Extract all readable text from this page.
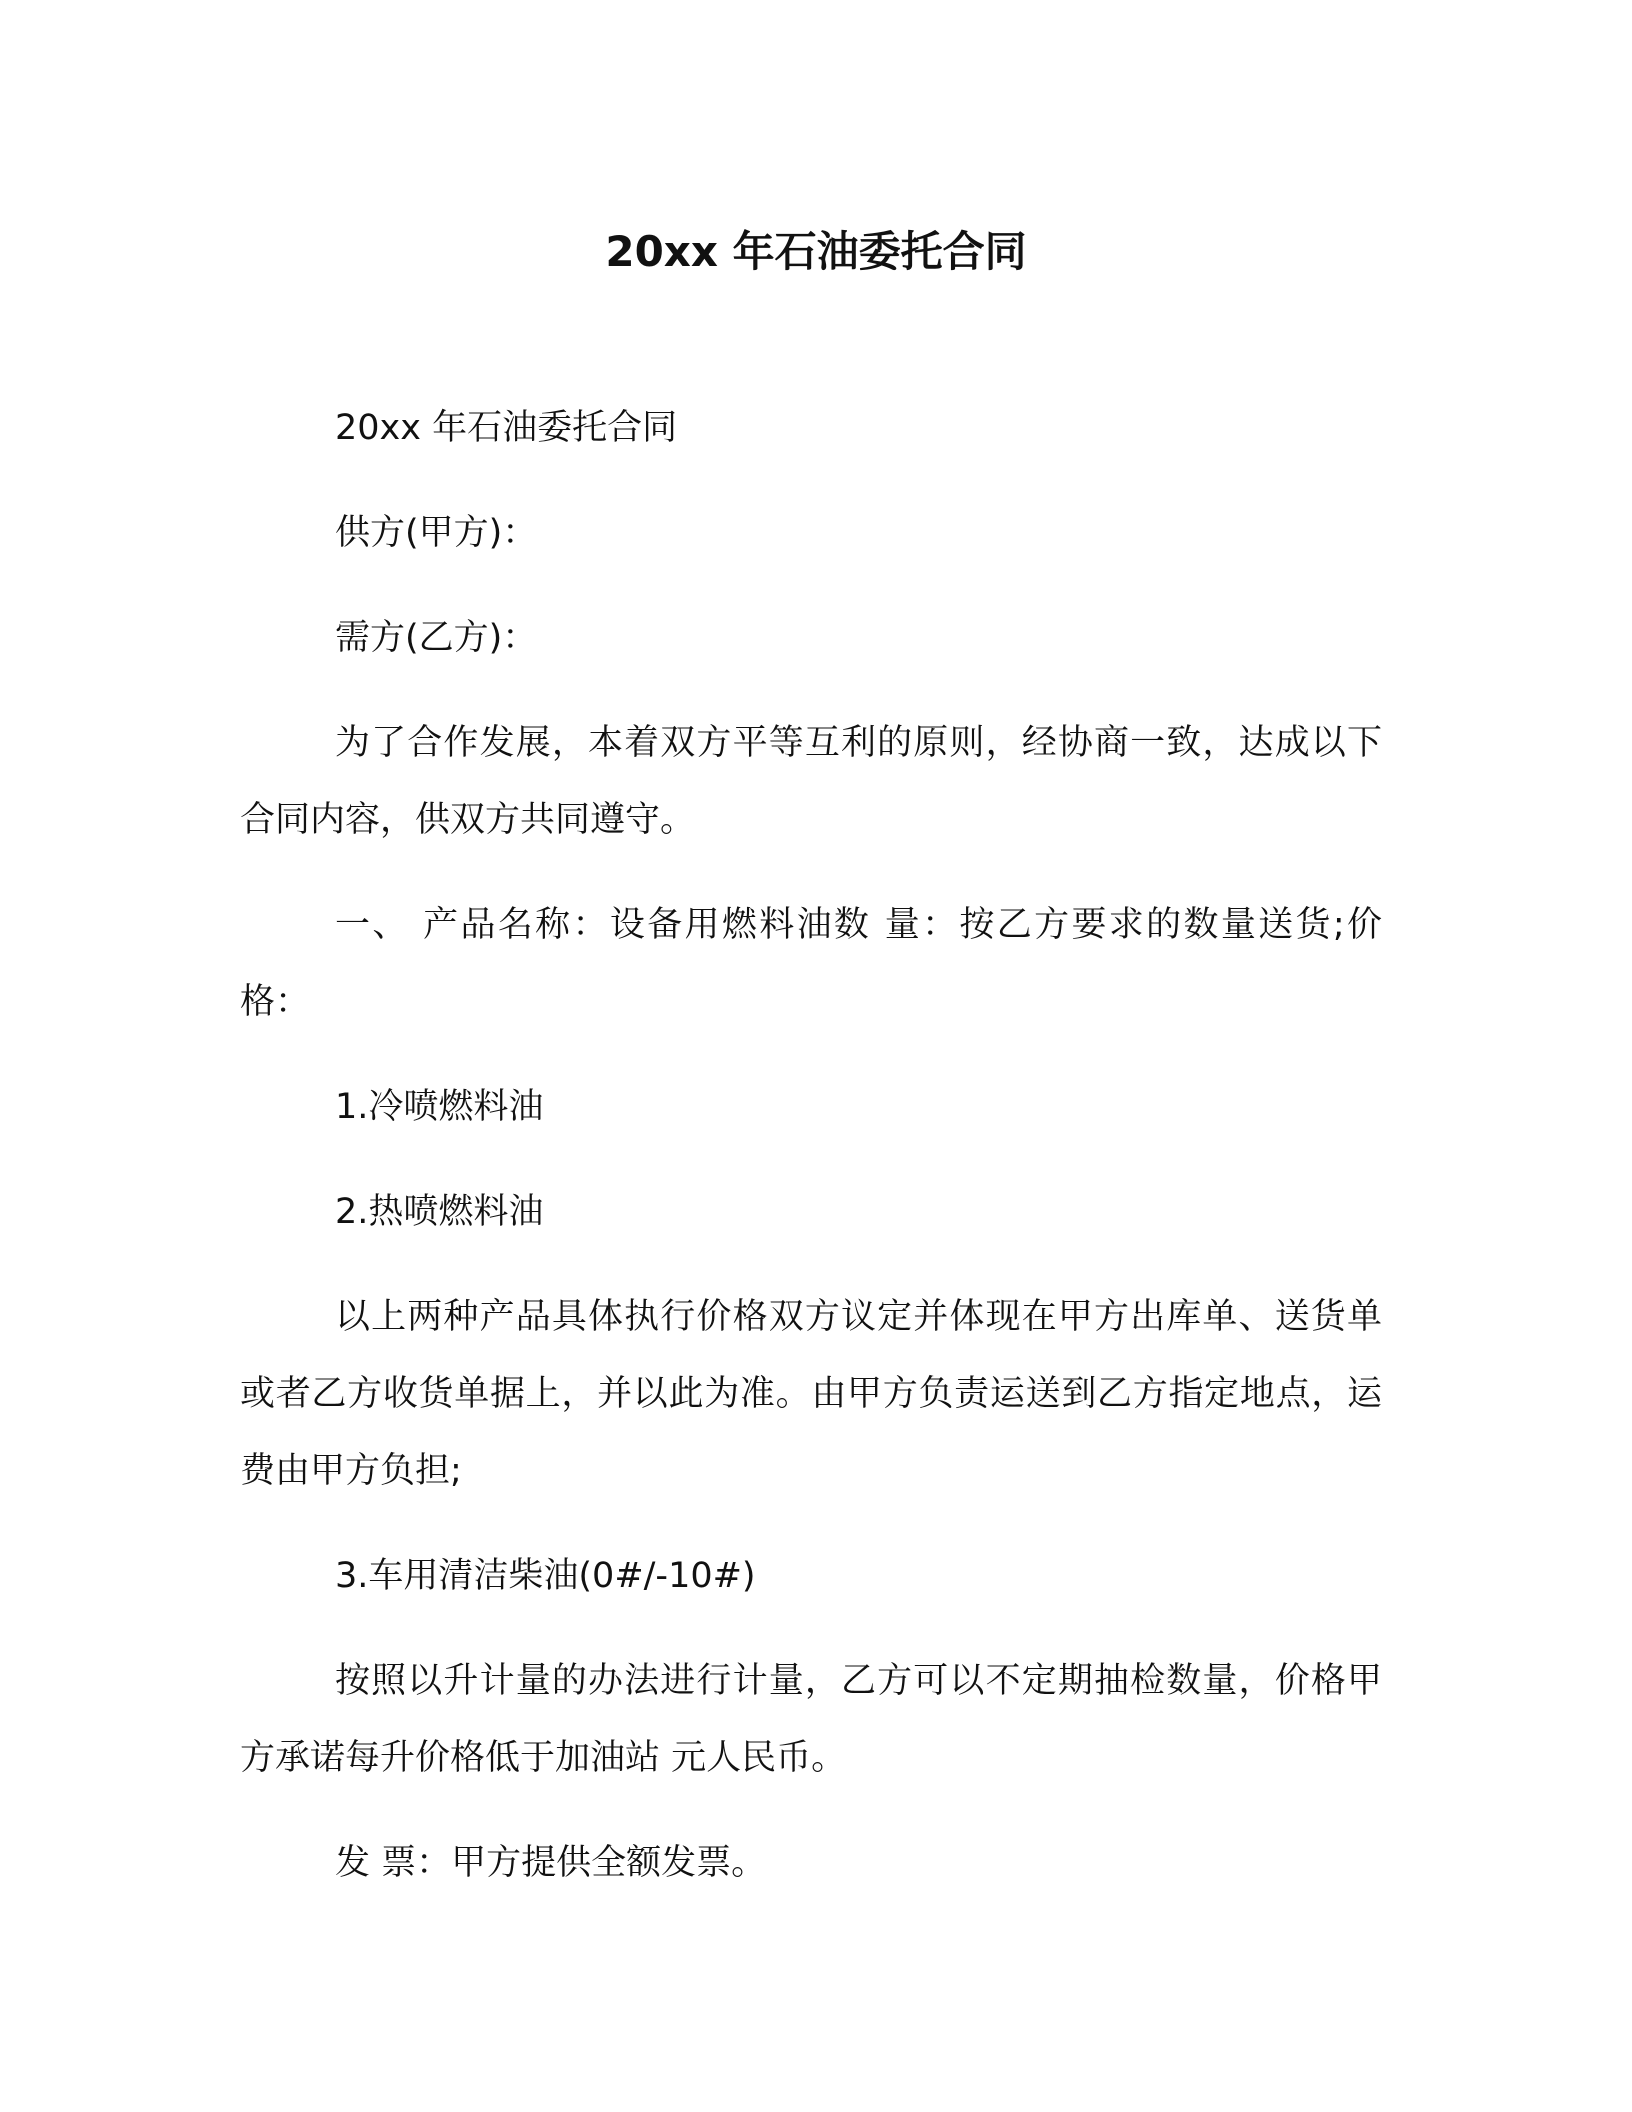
20xx 年石油委托合同

20xx 年石油委托合同

供方(甲方)：

需方(乙方)：

为了合作发展，本着双方平等互利的原则，经协商一致，达成以下合同内容，供双方共同遵守。

一、 产品名称：设备用燃料油数 量：按乙方要求的数量送货;价格：

1.冷喷燃料油

2.热喷燃料油

以上两种产品具体执行价格双方议定并体现在甲方出库单、送货单或者乙方收货单据上，并以此为准。由甲方负责运送到乙方指定地点，运费由甲方负担;

3.车用清洁柴油(0#/-10#)

按照以升计量的办法进行计量，乙方可以不定期抽检数量，价格甲方承诺每升价格低于加油站 元人民币。

发 票：甲方提供全额发票。
